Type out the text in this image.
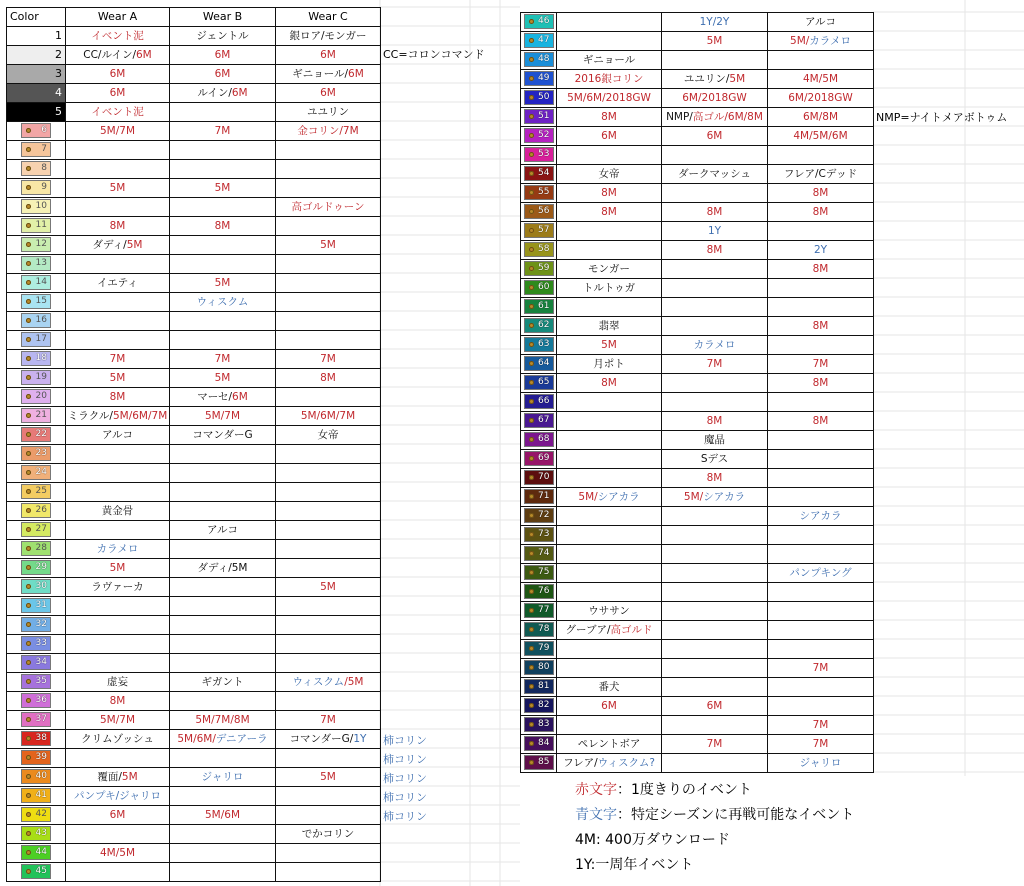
Color	Wear A	Wear B	Wear C
1	イベント泥	ジェントル	銀ロア/モンガー
2	CC/ルイン/6M	6M	6M
3	6M	6M	ギニョール/6M
4	6M	ルイン/6M	6M
5	イベント泥		ユユリン

6	5M/7M	7M	金コリン/7M

7			

8			

9	5M	5M	

10			高ゴルドゥーン

11	8M	8M	

12	ダディ/5M		5M

13			

14	イエティ	5M	

15		ウィスクム	

16			

17			

18	7M	7M	7M

19	5M	5M	8M

20	8M	マーセ/6M	

21	ミラクル/5M/6M/7M	5M/7M	5M/6M/7M

22	アルコ	コマンダーG	女帝

23			

24			

25			

26	黄金骨		

27		アルコ	

28	カラメロ		

29	5M	ダディ/5M	

30	ラヴァーカ		5M

31			

32			

33			

34			

35	虚妄	ギガント	ウィスクム/5M

36	8M		

37	5M/7M	5M/7M/8M	7M

38	クリムゾッシュ	5M/6M/デニアーラ	コマンダーG/1Y

39			

40	覆面/5M	ジャリロ	5M

41	パンプキ/ジャリロ		

42	6M	5M/6M	

43			でかコリン

44	4M/5M		

45			

46		1Y/2Y	アルコ

47		5M	5M/カラメロ

48	ギニョール		

49	2016銀コリン	ユユリン/5M	4M/5M

50	5M/6M/2018GW	6M/2018GW	6M/2018GW

51	8M	NMP/高ゴル/6M/8M	6M/8M

52	6M	6M	4M/5M/6M

53			

54	女帝	ダークマッシュ	フレア/Cデッド

55	8M		8M

56	8M	8M	8M

57		1Y	

58		8M	2Y

59	モンガー		8M

60	トルトゥガ		

61			

62	翡翠		8M

63	5M	カラメロ	

64	月ポト	7M	7M

65	8M		8M

66			

67		8M	8M

68		魔晶	

69		Sデス	

70		8M	

71	5M/シアカラ	5M/シアカラ	

72			シアカラ

73			

74			

75			パンプキング

76			

77	ウササン		

78	グーブア/高ゴルド		

79			

80			7M

81	番犬		

82	6M	6M	

83			7M

84	ペレントボア	7M	7M

85	フレア/ウィスクム?		ジャリロ
CC=コロンコマンド
NMP=ナイトメアボトゥム
柿コリン
柿コリン
柿コリン
柿コリン
柿コリン
赤文字：1度きりのイベント
青文字：特定シーズンに再戦可能なイベント
4M: 400万ダウンロード
1Y:一周年イベント
